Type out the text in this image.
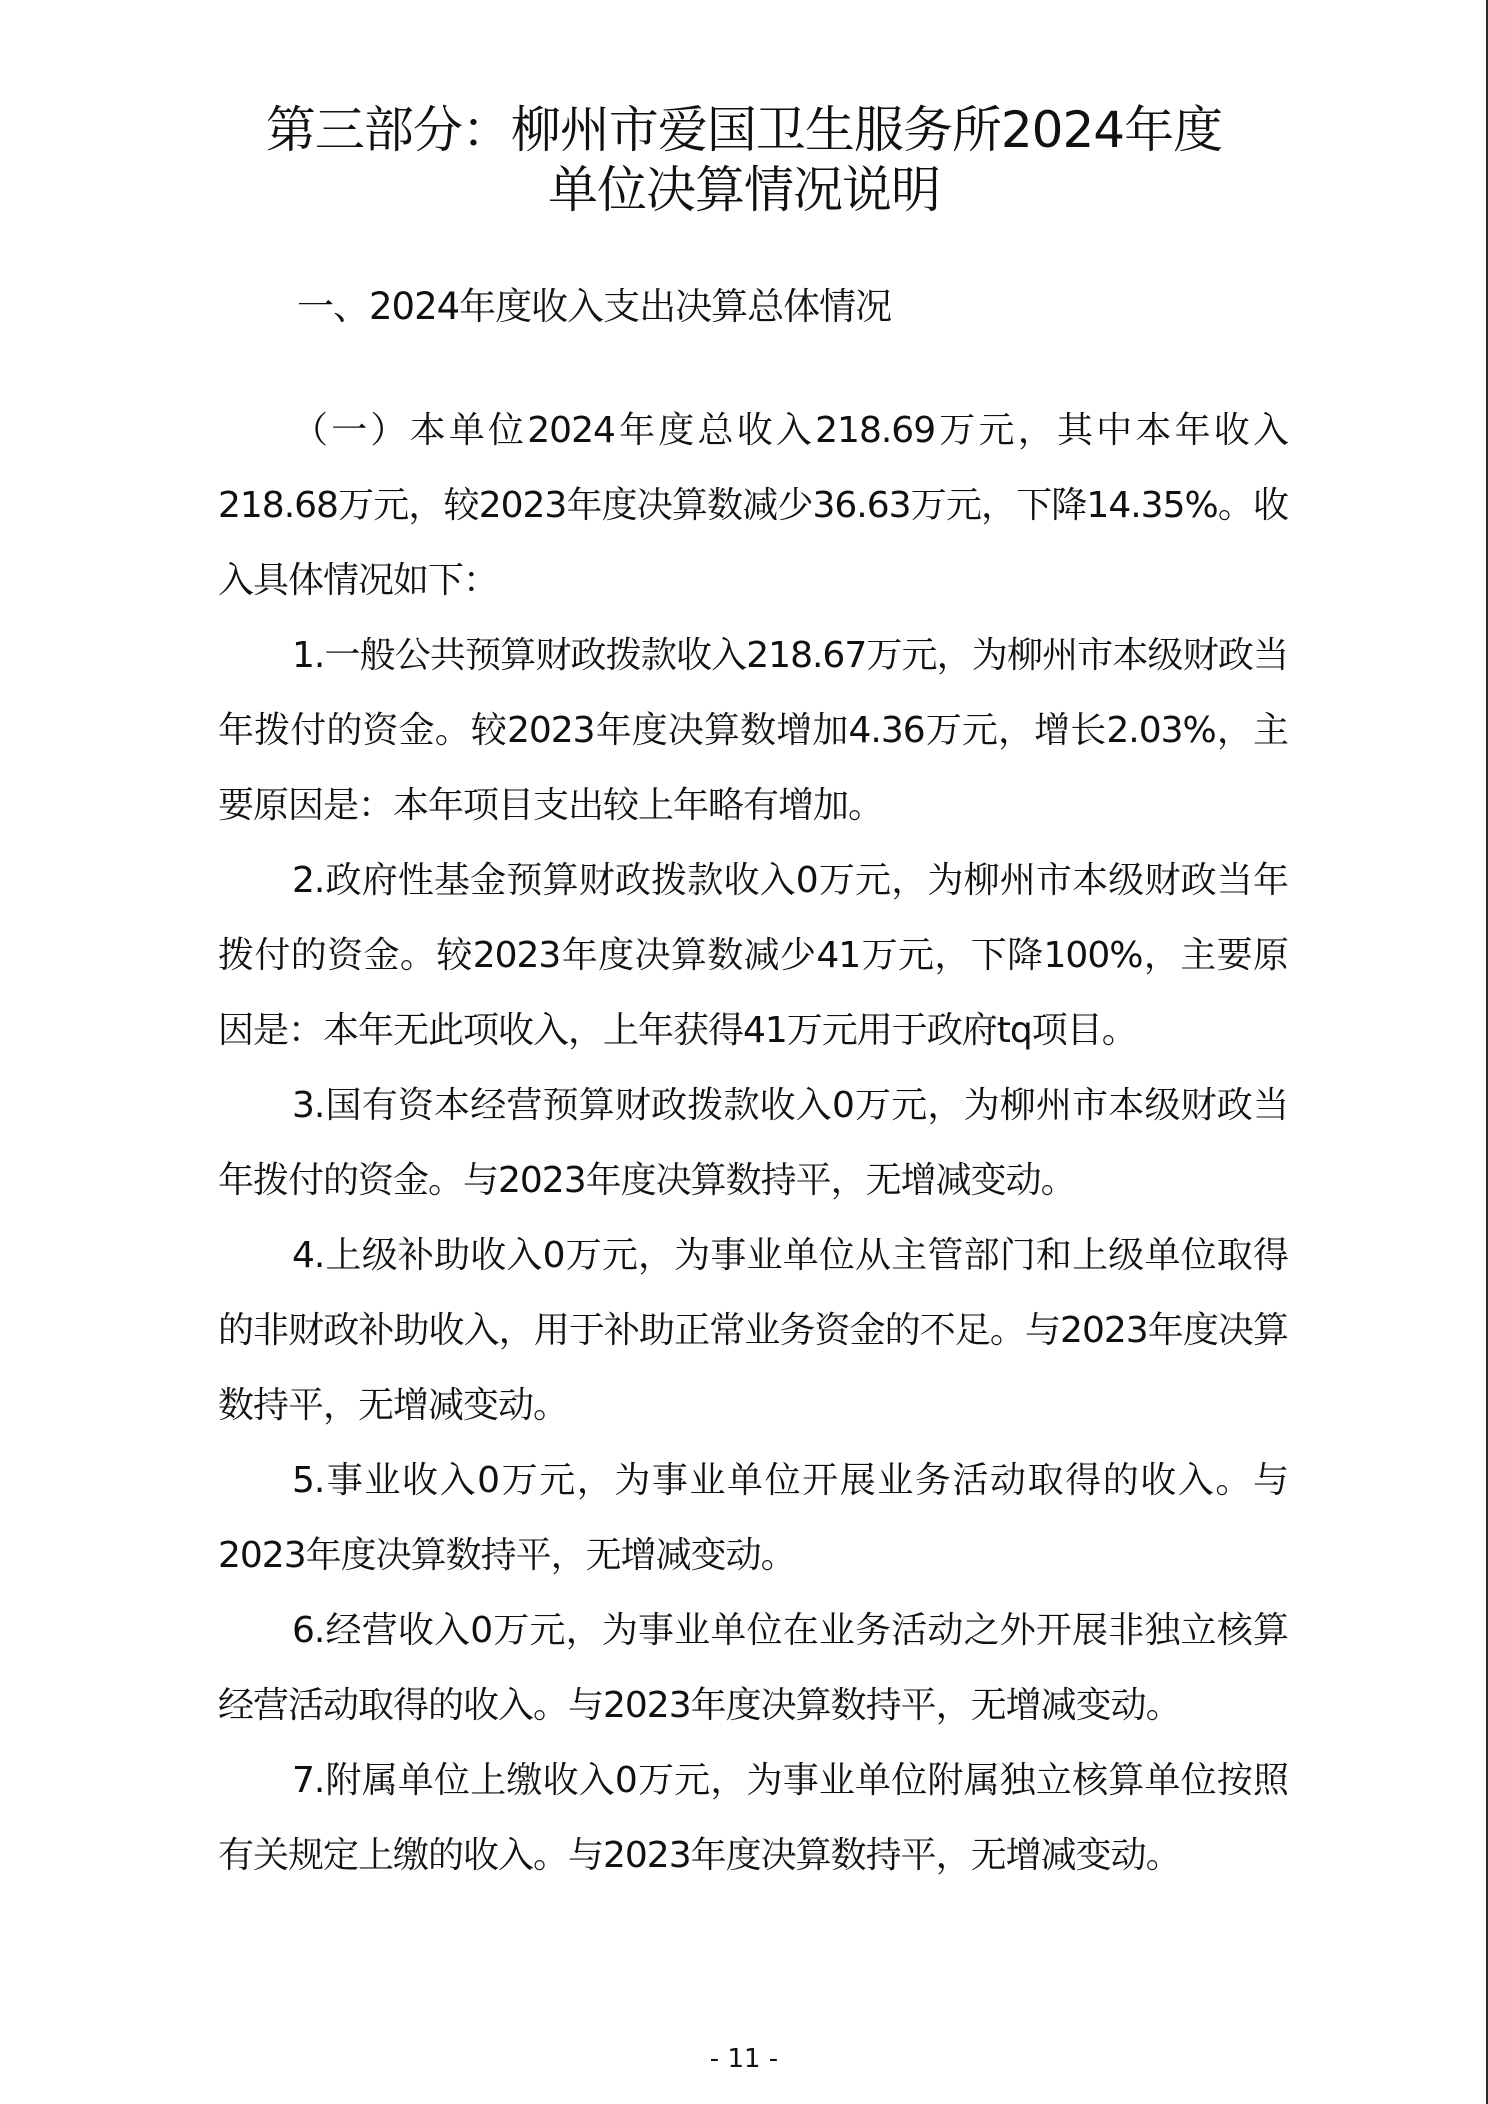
第三部分：柳州市爱国卫生服务所2024年度
单位决算情况说明
一、2024年度收入支出决算总体情况

（一）本单位2024年度总收入218.69万元，其中本年收入218.68万元，较2023年度决算数减少36.63万元，下降14.35%。收入具体情况如下：

1.一般公共预算财政拨款收入218.67万元，为柳州市本级财政当年拨付的资金。较2023年度决算数增加4.36万元，增长2.03%，主要原因是：本年项目支出较上年略有增加。

2.政府性基金预算财政拨款收入0万元，为柳州市本级财政当年拨付的资金。较2023年度决算数减少41万元，下降100%，主要原因是：本年无此项收入，上年获得41万元用于政府tq项目。

3.国有资本经营预算财政拨款收入0万元，为柳州市本级财政当年拨付的资金。与2023年度决算数持平，无增减变动。

4.上级补助收入0万元，为事业单位从主管部门和上级单位取得的非财政补助收入，用于补助正常业务资金的不足。与2023年度决算数持平，无增减变动。

5.事业收入0万元，为事业单位开展业务活动取得的收入。与2023年度决算数持平，无增减变动。

6.经营收入0万元，为事业单位在业务活动之外开展非独立核算经营活动取得的收入。与2023年度决算数持平，无增减变动。

7.附属单位上缴收入0万元，为事业单位附属独立核算单位按照有关规定上缴的收入。与2023年度决算数持平，无增减变动。

- 11 -
